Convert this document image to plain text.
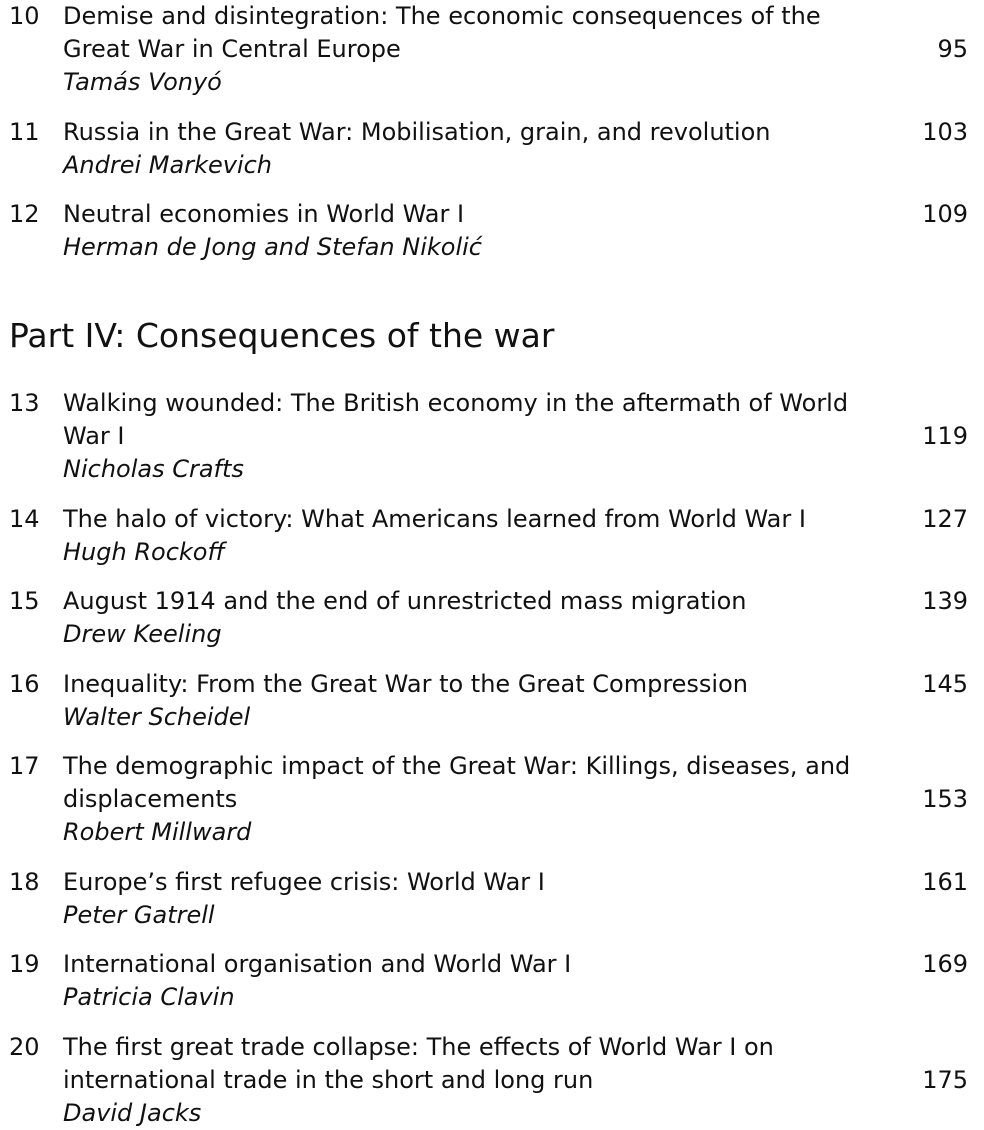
10 Demise and disintegration: The economic consequences of the Great War in Central Europe	95
Tamás Vonyó
11 Russia in the Great War: Mobilisation, grain, and revolution	103
Andrei Markevich
12 Neutral economies in World War I	109
Herman de Jong and Stefan Nikolić
Part IV: Consequences of the war
13 Walking wounded: The British economy in the aftermath of World War I	119
Nicholas Crafts
14 The halo of victory: What Americans learned from World War I	127
Hugh Rockoff
15 August 1914 and the end of unrestricted mass migration	139
Drew Keeling
16 Inequality: From the Great War to the Great Compression	145
Walter Scheidel
17 The demographic impact of the Great War: Killings, diseases, and displacements	153
Robert Millward
18 Europe’s first refugee crisis: World War I	161
Peter Gatrell
19 International organisation and World War I	169
Patricia Clavin
20 The first great trade collapse: The effects of World War I on international trade in the short and long run	175
David Jacks
